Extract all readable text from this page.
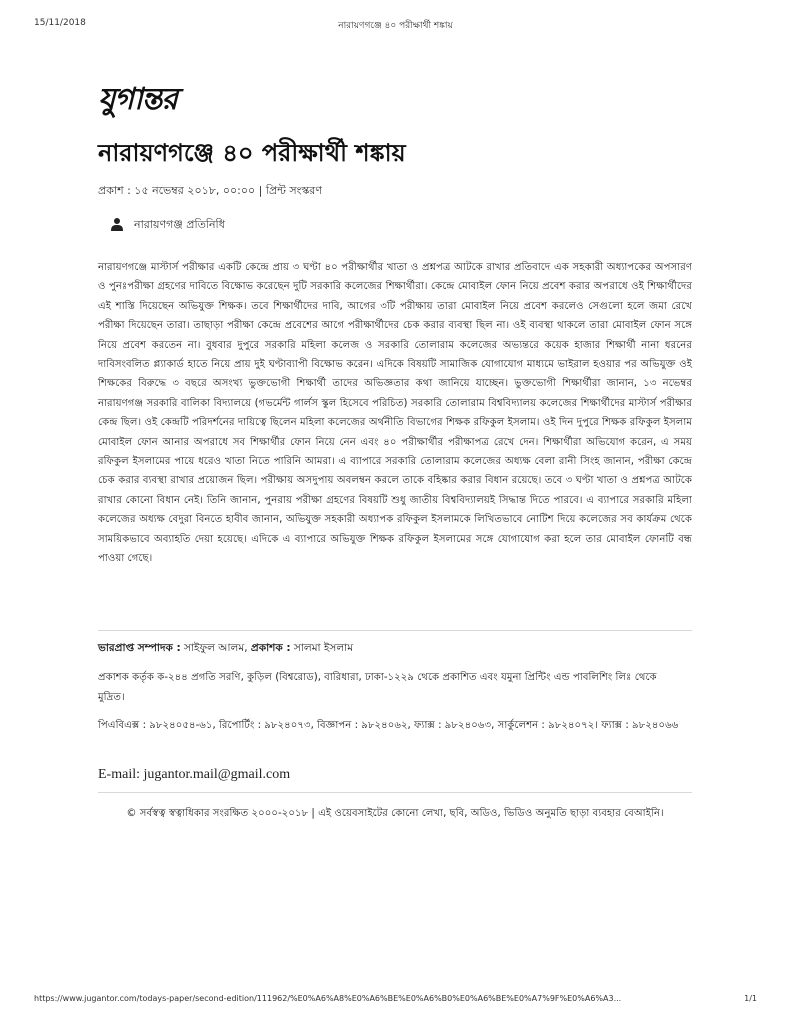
15/11/2018	নারায়ণগঞ্জে ৪০ পরীক্ষার্থী শঙ্কায়
যুগান্তর
নারায়ণগঞ্জে ৪০ পরীক্ষার্থী শঙ্কায়
প্রকাশ : ১৫ নভেম্বর ২০১৮, ০০:০০ | প্রিন্ট সংস্করণ
নারায়ণগঞ্জ প্রতিনিধি

নারায়ণগঞ্জে মাস্টার্স পরীক্ষার একটি কেন্দ্রে প্রায় ৩ ঘণ্টা ৪০ পরীক্ষার্থীর খাতা ও প্রশ্নপত্র আটকে রাখার প্রতিবাদে এক সহকারী অধ্যাপকের অপসারণ ও পুনঃপরীক্ষা গ্রহণের দাবিতে বিক্ষোভ করেছেন দুটি সরকারি কলেজের শিক্ষার্থীরা। কেন্দ্রে মোবাইল ফোন নিয়ে প্রবেশ করার অপরাধে ওই শিক্ষার্থীদের এই শাস্তি দিয়েছেন অভিযুক্ত শিক্ষক। তবে শিক্ষার্থীদের দাবি, আগের ৩টি পরীক্ষায় তারা মোবাইল নিয়ে প্রবেশ করলেও সেগুলো হলে জমা রেখে পরীক্ষা দিয়েছেন তারা। তাছাড়া পরীক্ষা কেন্দ্রে প্রবেশের আগে পরীক্ষার্থীদের চেক করার ব্যবস্থা ছিল না। ওই ব্যবস্থা থাকলে তারা মোবাইল ফোন সঙ্গে নিয়ে প্রবেশ করতেন না। বুধবার দুপুরে সরকারি মহিলা কলেজ ও সরকারি তোলারাম কলেজের অভ্যন্তরে কয়েক হাজার শিক্ষার্থী নানা ধরনের দাবিসংবলিত প্ল্যাকার্ড হাতে নিয়ে প্রায় দুই ঘণ্টাব্যাপী বিক্ষোভ করেন। এদিকে বিষয়টি সামাজিক যোগাযোগ মাধ্যমে ভাইরাল হওয়ার পর অভিযুক্ত ওই শিক্ষকের বিরুদ্ধে ৩ বছরে অসংখ্য ভুক্তভোগী শিক্ষার্থী তাদের অভিজ্ঞতার কথা জানিয়ে যাচ্ছেন। ভুক্তভোগী শিক্ষার্থীরা জানান, ১৩ নভেম্বর নারায়ণগঞ্জ সরকারি বালিকা বিদ্যালয়ে (গভর্মেন্ট গার্লস স্কুল হিসেবে পরিচিত) সরকারি তোলারাম বিশ্ববিদ্যালয় কলেজের শিক্ষার্থীদের মাস্টার্স পরীক্ষার কেন্দ্র ছিল। ওই কেন্দ্রটি পরিদর্শনের দায়িত্বে ছিলেন মহিলা কলেজের অর্থনীতি বিভাগের শিক্ষক রফিকুল ইসলাম। ওই দিন দুপুরে শিক্ষক রফিকুল ইসলাম মোবাইল ফোন আনার অপরাধে সব শিক্ষার্থীর ফোন নিয়ে নেন এবং ৪০ পরীক্ষার্থীর পরীক্ষাপত্র রেখে দেন। শিক্ষার্থীরা অভিযোগ করেন, এ সময় রফিকুল ইসলামের পায়ে ধরেও খাতা নিতে পারিনি আমরা। এ ব্যাপারে সরকারি তোলারাম কলেজের অধ্যক্ষ বেলা রানী সিংহ জানান, পরীক্ষা কেন্দ্রে চেক করার ব্যবস্থা রাখার প্রয়োজন ছিল। পরীক্ষায় অসদুপায় অবলম্বন করলে তাকে বহিষ্কার করার বিধান রয়েছে। তবে ৩ ঘণ্টা খাতা ও প্রশ্নপত্র আটকে রাখার কোনো বিধান নেই। তিনি জানান, পুনরায় পরীক্ষা গ্রহণের বিষয়টি শুধু জাতীয় বিশ্ববিদ্যালয়ই সিদ্ধান্ত দিতে পারবে। এ ব্যাপারে সরকারি মহিলা কলেজের অধ্যক্ষ বেদুরা বিনতে হাবীব জানান, অভিযুক্ত সহকারী অধ্যাপক রফিকুল ইসলামকে লিখিতভাবে নোটিশ দিয়ে কলেজের সব কার্যক্রম থেকে সাময়িকভাবে অব্যাহতি দেয়া হয়েছে। এদিকে এ ব্যাপারে অভিযুক্ত শিক্ষক রফিকুল ইসলামের সঙ্গে যোগাযোগ করা হলে তার মোবাইল ফোনটি বন্ধ পাওয়া গেছে।

ভারপ্রাপ্ত সম্পাদক : সাইফুল আলম, প্রকাশক : সালমা ইসলাম

প্রকাশক কর্তৃক ক-২৪৪ প্রগতি সরণি, কুড়িল (বিশ্বরোড), বারিধারা, ঢাকা-১২২৯ থেকে প্রকাশিত এবং যমুনা প্রিন্টিং এন্ড পাবলিশিং লিঃ থেকে মুদ্রিত।

পিএবিএক্স : ৯৮২৪০৫৪-৬১, রিপোর্টিং : ৯৮২৪০৭৩, বিজ্ঞাপন : ৯৮২৪০৬২, ফ্যাক্স : ৯৮২৪০৬৩, সার্কুলেশন : ৯৮২৪০৭২। ফ্যাক্স : ৯৮২৪০৬৬

E-mail: jugantor.mail@gmail.com

© সর্বস্বত্ব স্বত্বাধিকার সংরক্ষিত ২০০০-২০১৮ | এই ওয়েবসাইটের কোনো লেখা, ছবি, অডিও, ভিডিও অনুমতি ছাড়া ব্যবহার বেআইনি।

https://www.jugantor.com/todays-paper/second-edition/111962/%E0%A6%A8%E0%A6%BE%E0%A6%B0%E0%A6%BE%E0%A7%9F%E0%A6%A3...	1/1
